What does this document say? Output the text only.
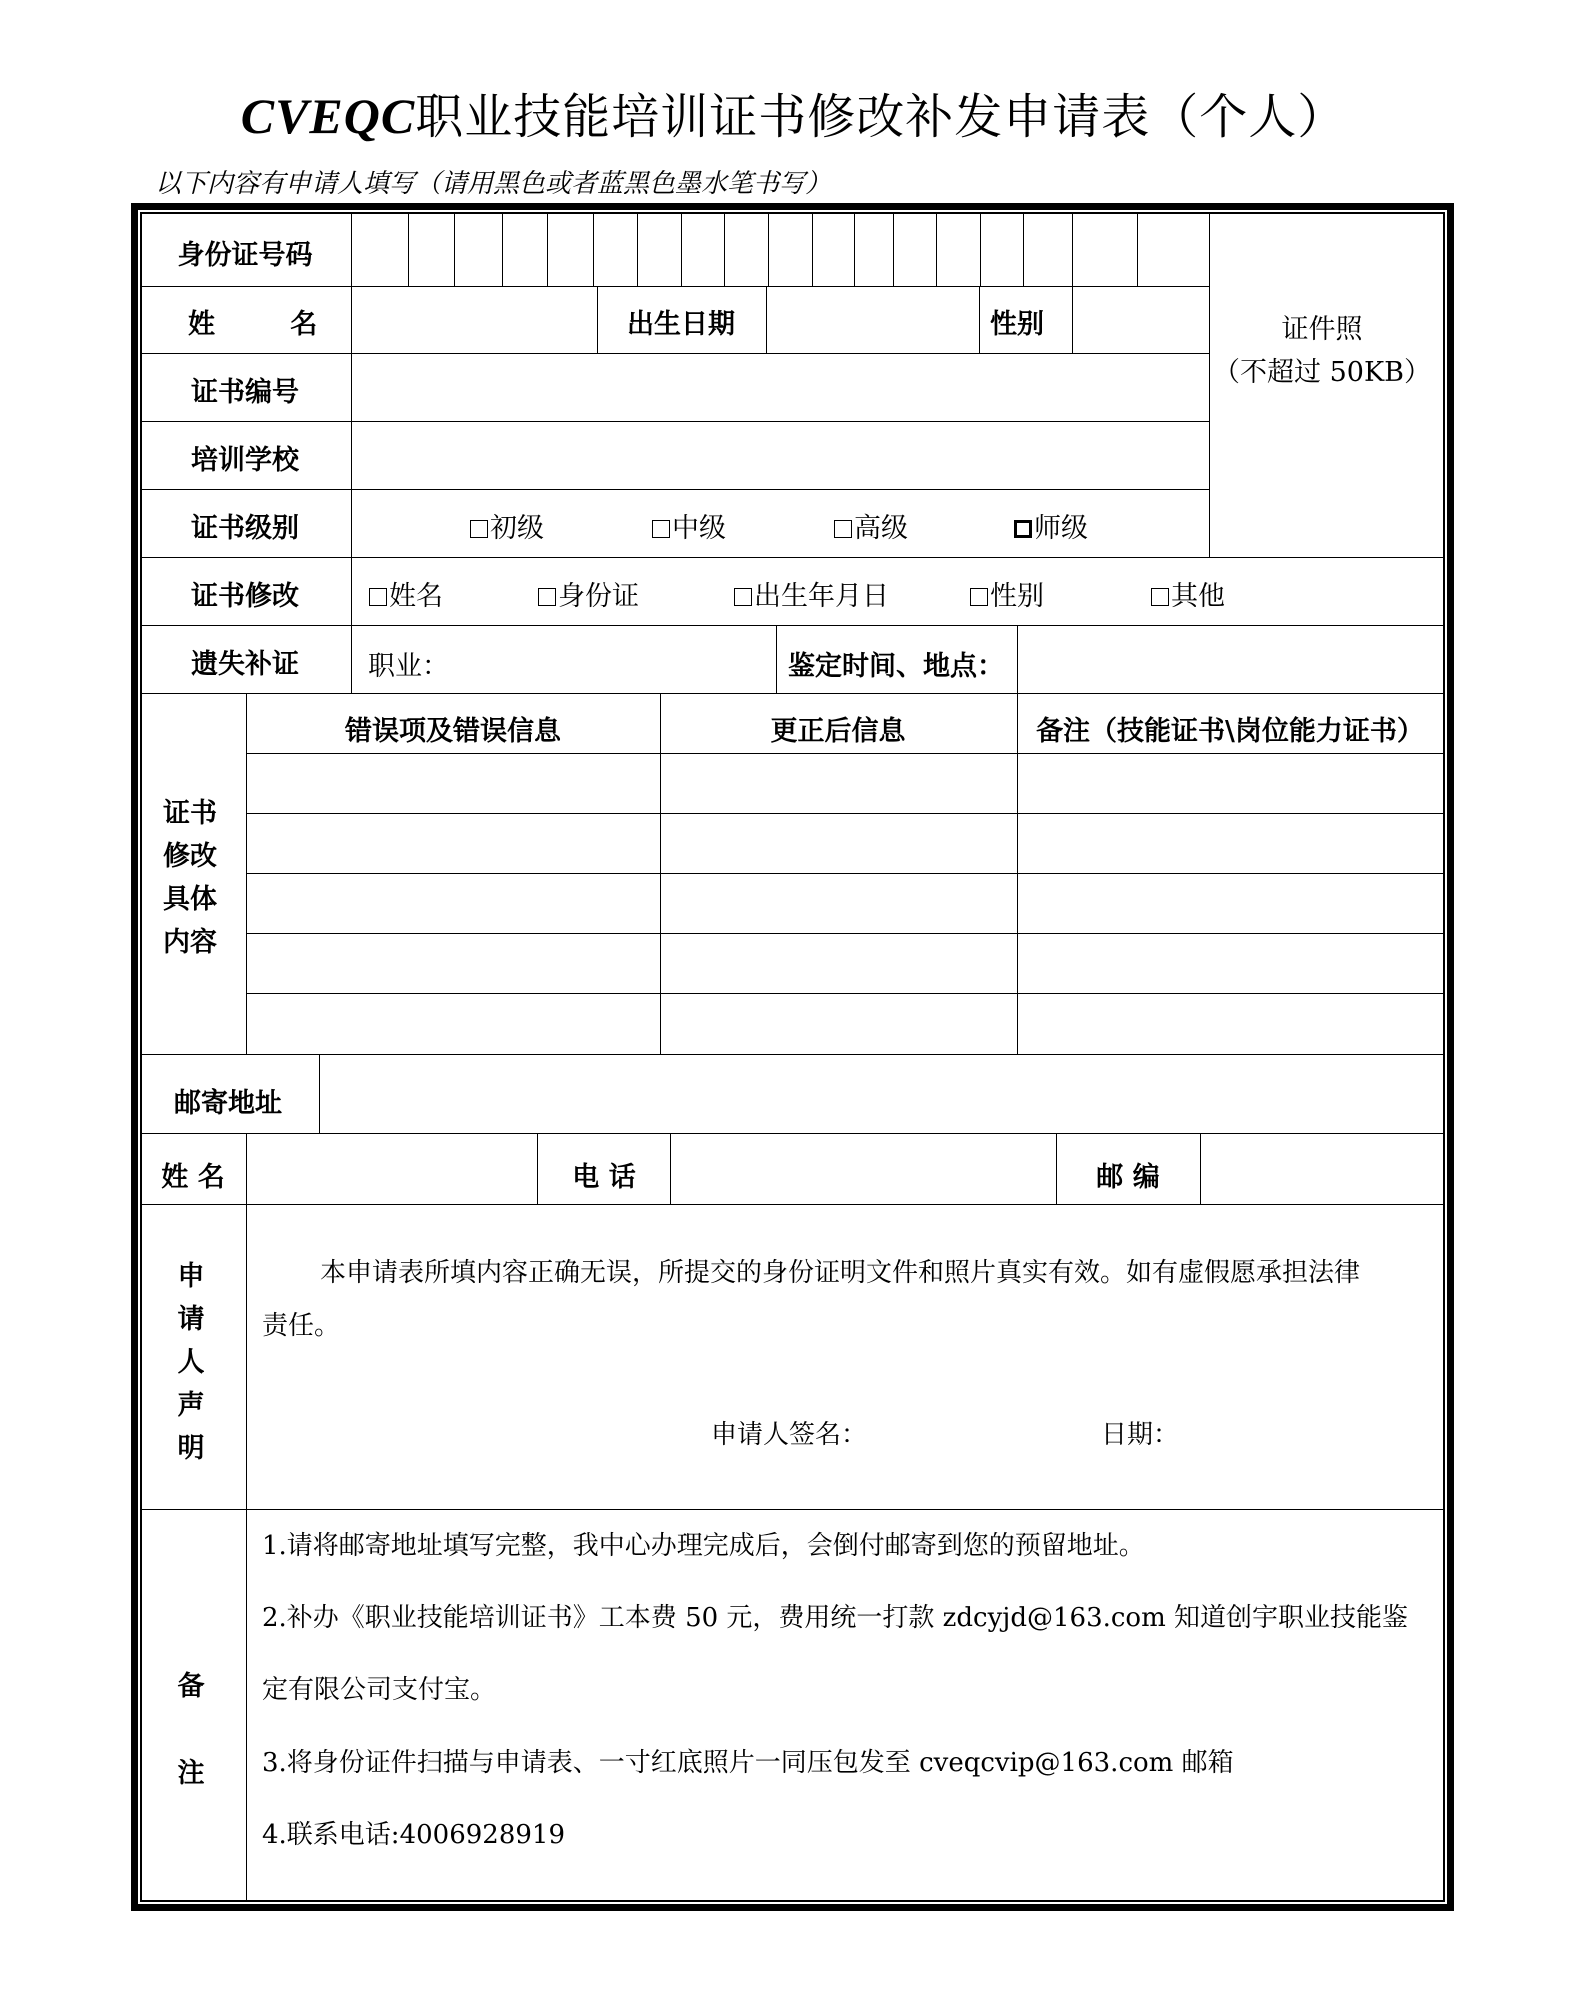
CVEQC职业技能培训证书修改补发申请表（个人）
以下内容有申请人填写（请用黑色或者蓝黑色墨水笔书写）
身份证号码
姓        名	出生日期	性别	证件照
（不超过 50KB）
证书编号
培训学校
证书级别	初级	中级	高级	师级
证书修改	姓名	身份证	出生年月日	性别	其他
遗失补证	职业：	鉴定时间、地点：
证书修改具体内容
错误项及错误信息	更正后信息	备注（技能证书\岗位能力证书）
邮寄地址
姓 名	电 话	邮 编
申请人声明
本申请表所填内容正确无误，所提交的身份证明文件和照片真实有效。如有虚假愿承担法律
责任。
申请人签名：	日期：
备注
1.请将邮寄地址填写完整，我中心办理完成后，会倒付邮寄到您的预留地址。
2.补办《职业技能培训证书》工本费 50 元，费用统一打款 zdcyjd@163.com 知道创宇职业技能鉴
定有限公司支付宝。
3.将身份证件扫描与申请表、一寸红底照片一同压包发至 cveqcvip@163.com 邮箱
4.联系电话:4006928919
